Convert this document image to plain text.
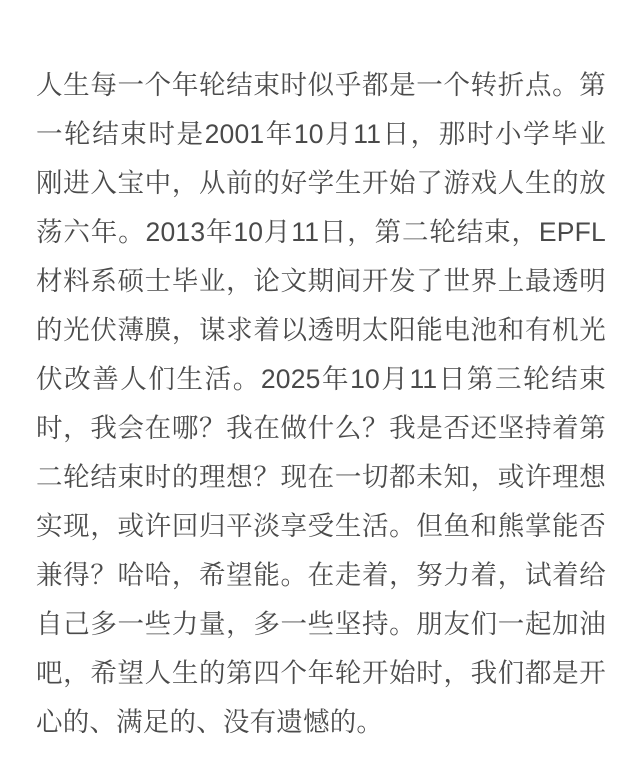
人生每一个年轮结束时似乎都是一个转折点。第一轮结束时是2001年10月11日，那时小学毕业刚进入宝中，从前的好学生开始了游戏人生的放荡六年。2013年10月11日，第二轮结束，EPFL材料系硕士毕业，论文期间开发了世界上最透明的光伏薄膜，谋求着以透明太阳能电池和有机光伏改善人们生活。2025年10月11日第三轮结束时，我会在哪？我在做什么？我是否还坚持着第二轮结束时的理想？现在一切都未知，或许理想实现，或许回归平淡享受生活。但鱼和熊掌能否兼得？哈哈，希望能。在走着，努力着，试着给自己多一些力量，多一些坚持。朋友们一起加油吧，希望人生的第四个年轮开始时，我们都是开心的、满足的、没有遗憾的。
